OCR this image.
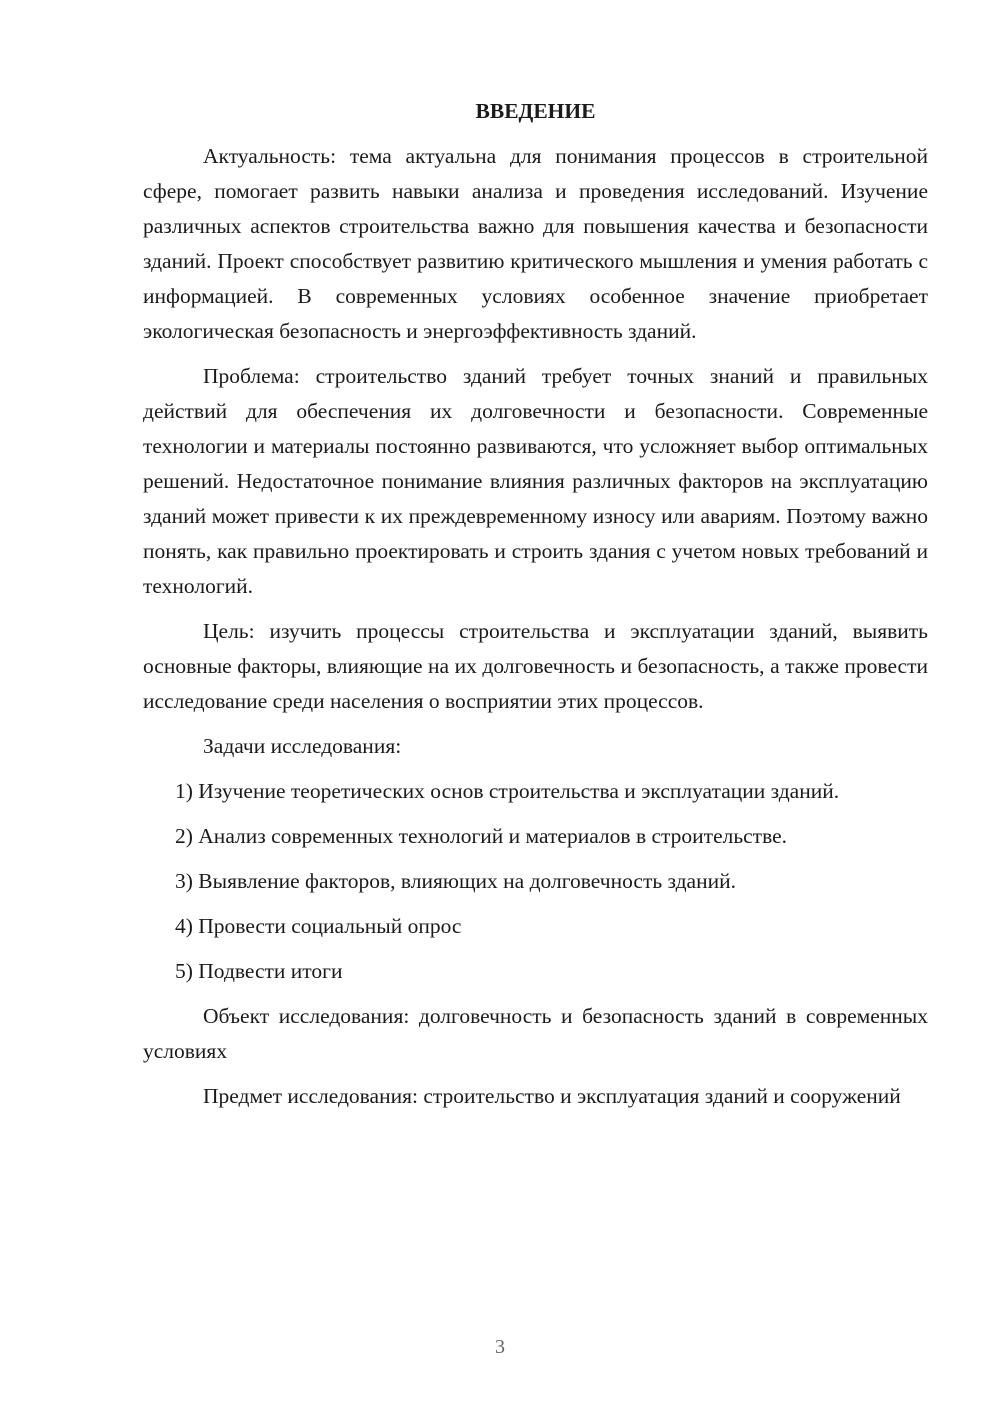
ВВЕДЕНИЕ

Актуальность: тема актуальна для понимания процессов в строительной сфере, помогает развить навыки анализа и проведения исследований. Изучение различных аспектов строительства важно для повышения качества и безопасности зданий. Проект способствует развитию критического мышления и умения работать с информацией. В современных условиях особенное значение приобретает экологическая безопасность и энергоэффективность зданий.

Проблема: строительство зданий требует точных знаний и правильных действий для обеспечения их долговечности и безопасности. Современные технологии и материалы постоянно развиваются, что усложняет выбор оптимальных решений. Недостаточное понимание влияния различных факторов на эксплуатацию зданий может привести к их преждевременному износу или авариям. Поэтому важно понять, как правильно проектировать и строить здания с учетом новых требований и технологий.

Цель: изучить процессы строительства и эксплуатации зданий, выявить основные факторы, влияющие на их долговечность и безопасность, а также провести исследование среди населения о восприятии этих процессов.

Задачи исследования:

1) Изучение теоретических основ строительства и эксплуатации зданий.

2) Анализ современных технологий и материалов в строительстве.

3) Выявление факторов, влияющих на долговечность зданий.

4) Провести социальный опрос

5) Подвести итоги

Объект исследования: долговечность и безопасность зданий в современных условиях

Предмет исследования: строительство и эксплуатация зданий и сооружений

3
